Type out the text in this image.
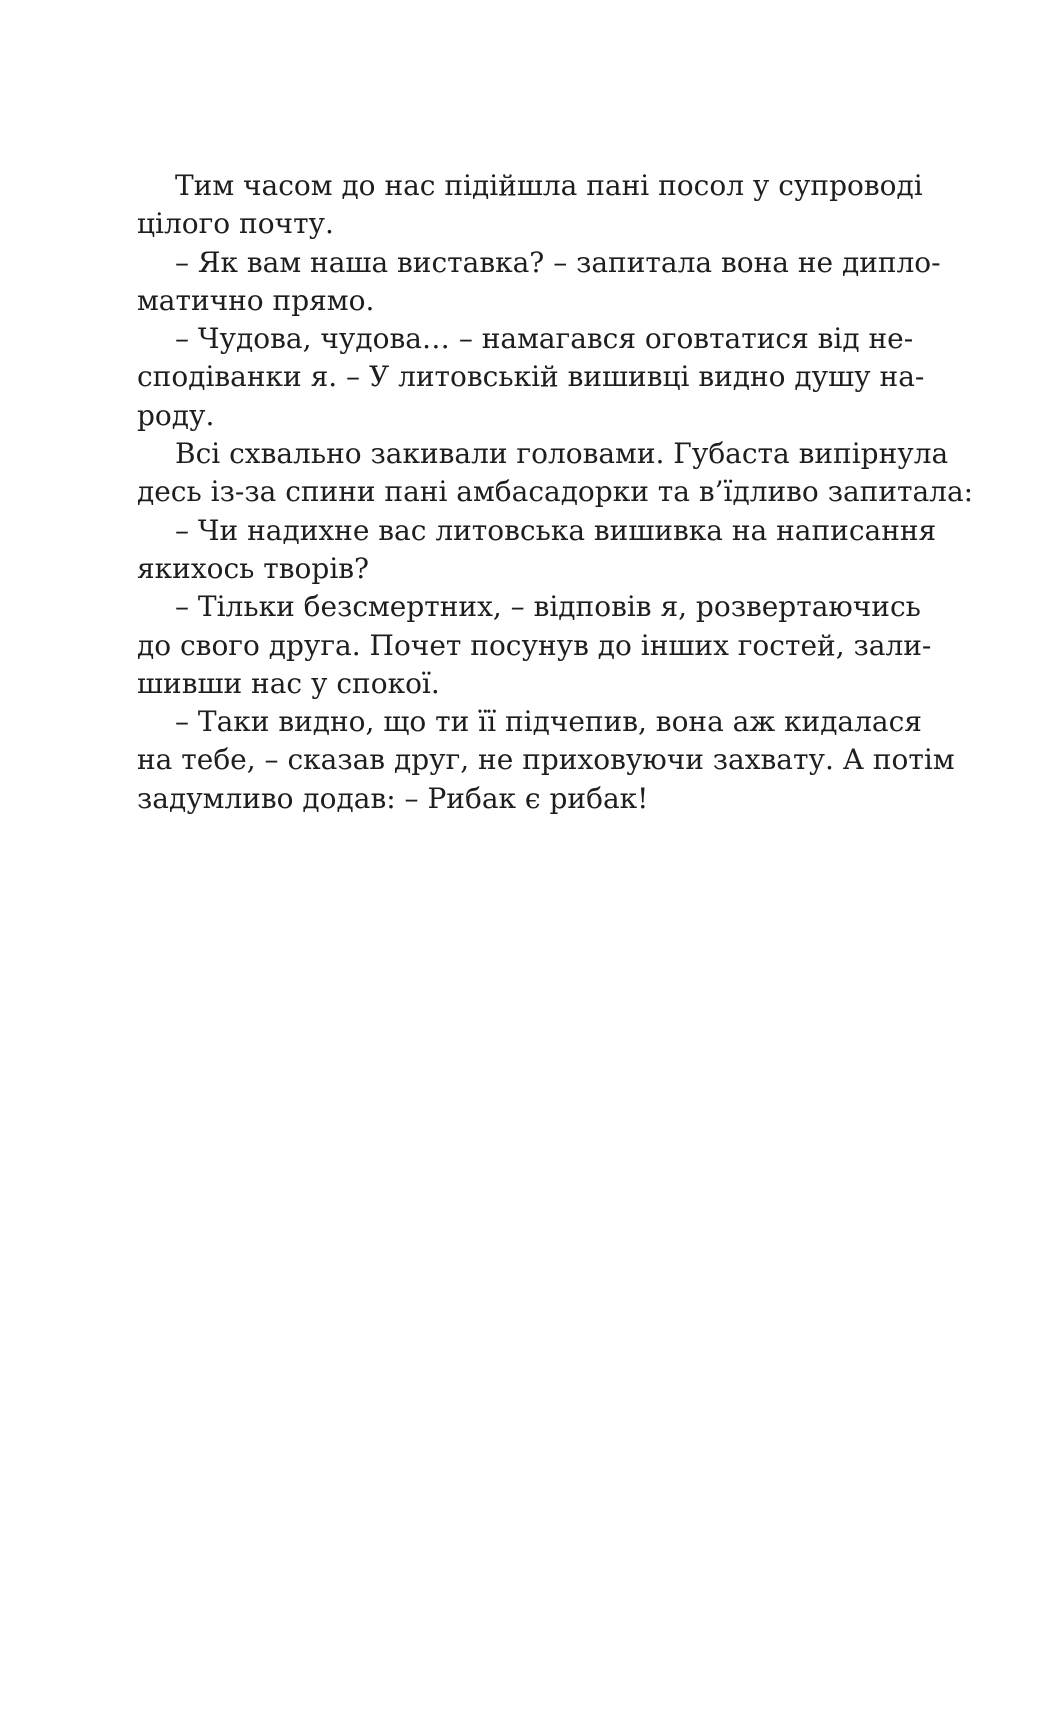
Тим часом до нас підійшла пані посол у супроводі
цілого почту.
– Як вам наша виставка? – запитала вона не дипло-
матично прямо.
– Чудова, чудова… – намагався оговтатися від не-
сподіванки я. – У литовській вишивці видно душу на-
роду.
Всі схвально закивали головами. Губаста випірнула
десь із-за спини пані амбасадорки та в’їдливо запитала:
– Чи надихне вас литовська вишивка на написання
якихось творів?
– Тільки безсмертних, – відповів я, розвертаючись
до свого друга. Почет посунув до інших гостей, зали-
шивши нас у спокої.
– Таки видно, що ти її підчепив, вона аж кидалася
на тебе, – сказав друг, не приховуючи захвату. А потім
задумливо додав: – Рибак є рибак!
